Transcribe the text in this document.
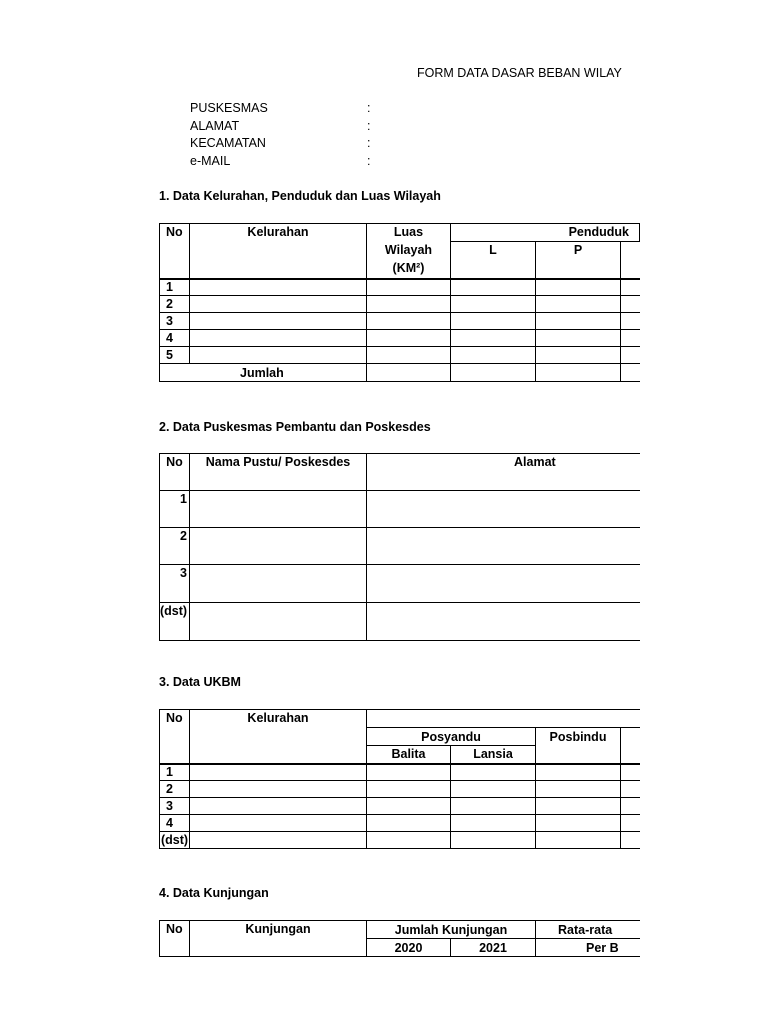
FORM DATA DASAR BEBAN WILAY
PUSKESMAS	:
ALAMAT	:
KECAMATAN	:
e-MAIL	:
1. Data Kelurahan, Penduduk dan Luas Wilayah
No	Kelurahan	Luas	Penduduk		
		Wilayah	L	P	
		(KM²)			
1					
2					
3					
4					
5					
Jumlah					
2. Data Puskesmas Pembantu dan Poskesdes
No	Nama Pustu/ Poskesdes	Alamat
1		
2		
3		
(dst)		
3. Data UKBM
No	Kelurahan				
		Posyandu		Posbindu	
		Balita	Lansia		
1					
2					
3					
4					
(dst)					
4. Data Kunjungan
No	Kunjungan	Jumlah Kunjungan		Rata-rata
		2020	2021	Per B
